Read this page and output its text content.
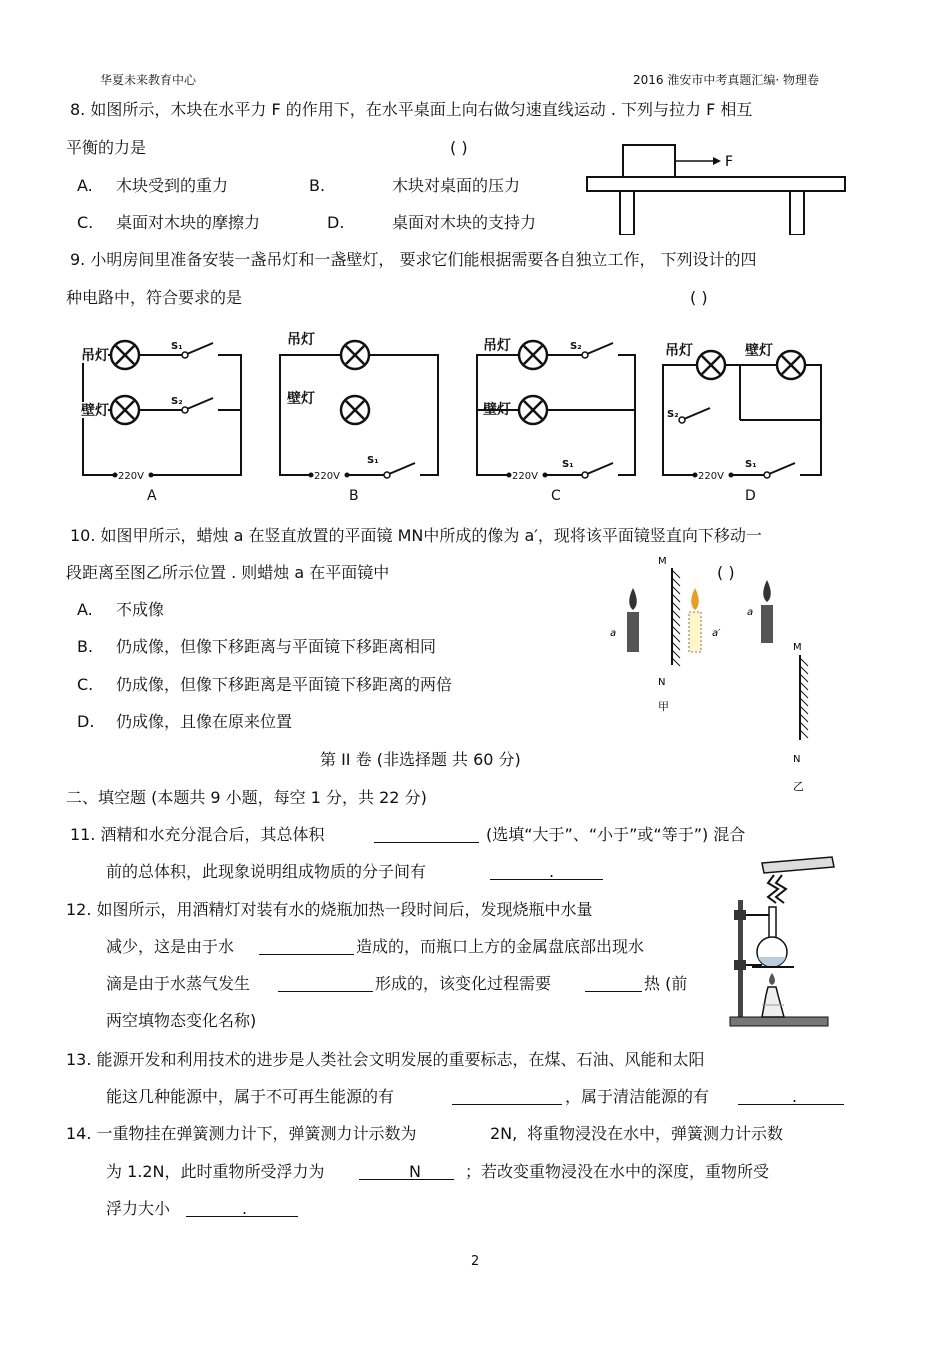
华夏未来教育中心	2016 淮安市中考真题汇编· 物理卷
8. 如图所示，木块在水平力 F 的作用下，在水平桌面上向右做匀速直线运动 . 下列与拉力 F 相互
平衡的力是	( )
A. 木块受到的重力	B.	木块对桌面的压力
C. 桌面对木块的摩擦力	D.	桌面对木块的支持力
F
9. 小明房间里准备安装一盏吊灯和一盏壁灯， 要求它们能根据需要各自独立工作， 下列设计的四
种电路中，符合要求的是	( )
220V	220V	220V	220V
吊灯
壁灯
吊灯
壁灯
吊灯
壁灯
吊灯	壁灯
S₁
S₂
S₁
S₂
S₁
S₂
S₁
A	B	C	D
10. 如图甲所示，蜡烛 a 在竖直放置的平面镜 MN中所成的像为 a′，现将该平面镜竖直向下移动一
段距离至图乙所示位置 . 则蜡烛 a 在平面镜中	( )
A. 不成像
B. 仍成像，但像下移距离与平面镜下移距离相同
C. 仍成像，但像下移距离是平面镜下移距离的两倍
D. 仍成像，且像在原来位置
M
N
甲
a	a′
a
M
N
乙
第 II 卷 (非选择题 共 60 分)
二、填空题 (本题共 9 小题，每空 1 分，共 22 分)
11. 酒精和水充分混合后，其总体积	(选填“大于”、“小于”或“等于”) 混合
前的总体积，此现象说明组成物质的分子间有	.
12. 如图所示，用酒精灯对装有水的烧瓶加热一段时间后，发现烧瓶中水量
减少，这是由于水	造成的，而瓶口上方的金属盘底部出现水
滴是由于水蒸气发生	形成的，该变化过程需要	热 (前
两空填物态变化名称)
13. 能源开发和利用技术的进步是人类社会文明发展的重要标志，在煤、石油、风能和太阳
能这几种能源中，属于不可再生能源的有	，属于清洁能源的有	.
14. 一重物挂在弹簧测力计下，弹簧测力计示数为	2N, 将重物浸没在水中，弹簧测力计示数
为 1.2N，此时重物所受浮力为	N	；若改变重物浸没在水中的深度，重物所受
浮力大小	.
2
